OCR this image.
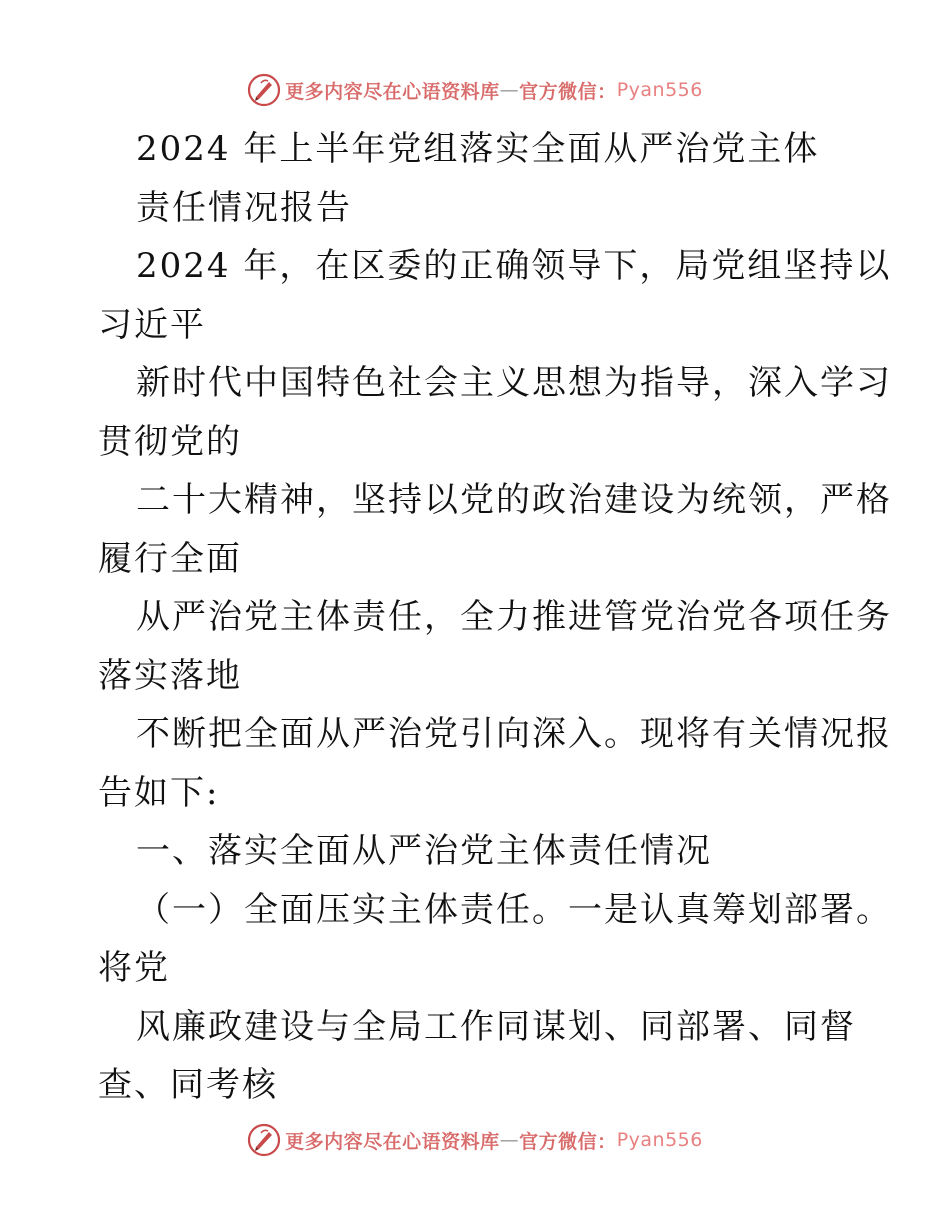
更多内容尽在心语资料库 — 官方微信： Pyan556
2024 年上半年党组落实全面从严治党主体
责任情况报告
2024 年，在区委的正确领导下，局党组坚持以
习近平
新时代中国特色社会主义思想为指导，深入学习
贯彻党的
二十大精神，坚持以党的政治建设为统领，严格
履行全面
从严治党主体责任，全力推进管党治党各项任务
落实落地
不断把全面从严治党引向深入。现将有关情况报
告如下:
一、落实全面从严治党主体责任情况
（一）全面压实主体责任。一是认真筹划部署。
将党
风廉政建设与全局工作同谋划、同部署、同督
查、同考核
更多内容尽在心语资料库 — 官方微信： Pyan556
